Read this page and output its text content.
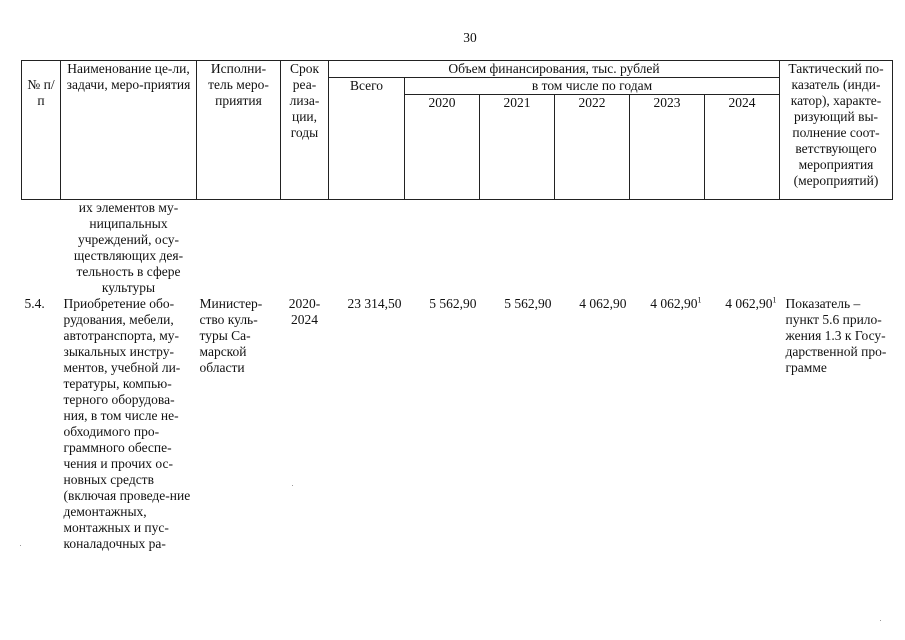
30
№ п/п	Наименование це-ли, задачи, меро-приятия	Исполни-тель меро-приятия	Срок реа-лиза-ции, годы	Объем финансирования, тыс. рублей						Тактический по-казатель (инди-катор), характе-ризующий вы-полнение соот-ветствующего мероприятия (мероприятий)
				Всего	в том числе по годам					
					2020	2021	2022	2023	2024	

	их элементов му-ниципальных учреждений, осу-ществляющих дея-тельность в сфере культуры									

5.4.	Приобретение обо-рудования, мебели, автотранспорта, му-зыкальных инстру-ментов, учебной ли-тературы, компью-терного оборудова-ния, в том числе не-обходимого про-граммного обеспе-чения и прочих ос-новных средств (включая проведе-ние демонтажных, монтажных и пус-коналадочных ра-	Министер-ство куль-туры Са-марской области	2020-2024	23 314,50	5 562,90	5 562,90	4 062,90	4 062,90$^1$	4 062,90$^1$	Показатель – пункт 5.6 прило-жения 1.3 к Госу-дарственной про-грамме
